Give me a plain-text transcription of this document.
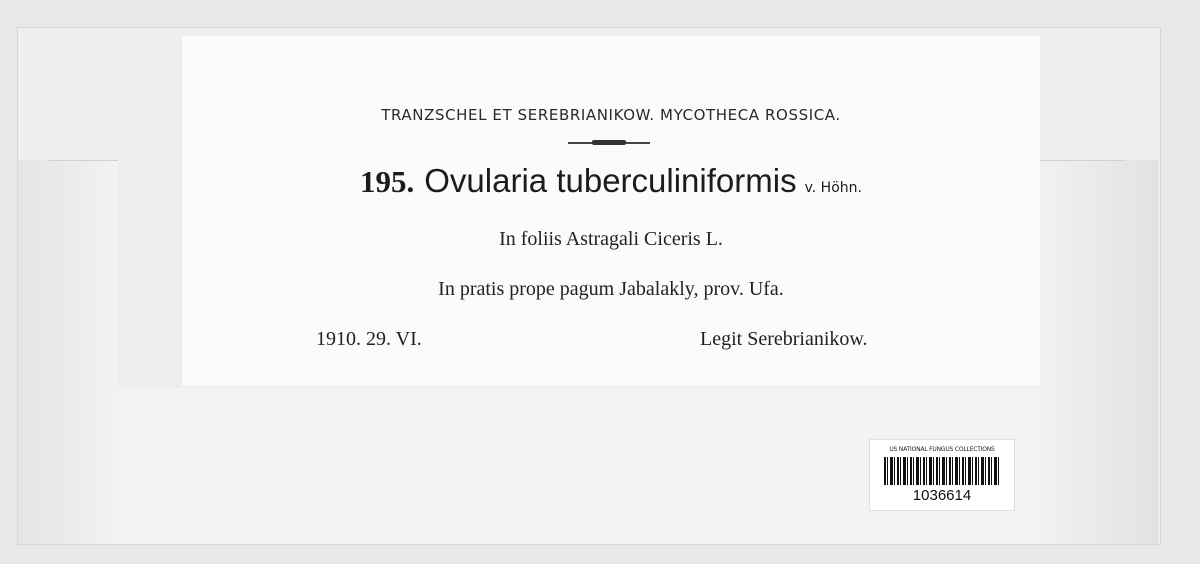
TRANZSCHEL ET SEREBRIANIKOW. MYCOTHECA ROSSICA.
195. Ovularia tuberculiniformis v. Höhn.
In foliis Astragali Ciceris L.
In pratis prope pagum Jabalakly, prov. Ufa.
1910. 29. VI.	Legit Serebrianikow.
US NATIONAL FUNGUS COLLECTIONS
1036614
